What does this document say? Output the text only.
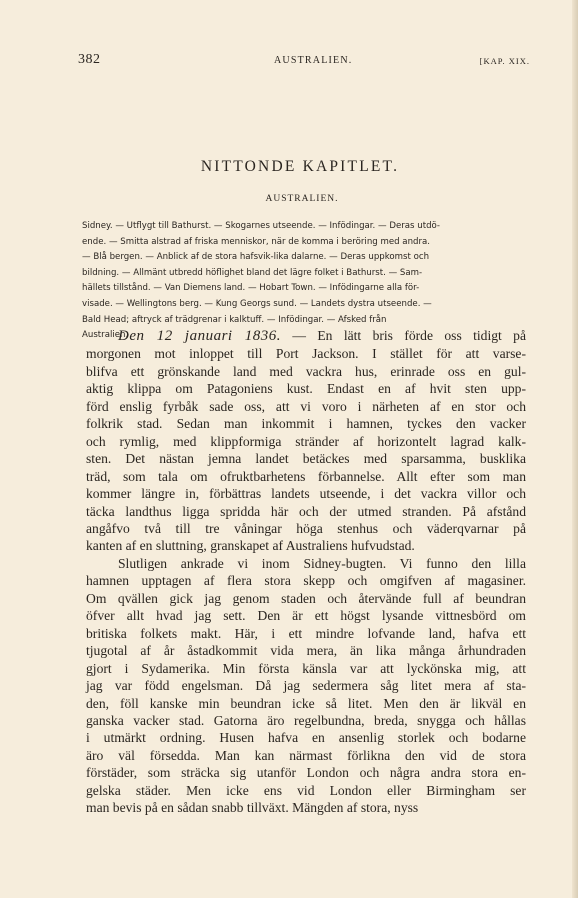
382	AUSTRALIEN.	[KAP. XIX.
NITTONDE KAPITLET.
AUSTRALIEN.

Sidney. — Utflygt till Bathurst. — Skogarnes utseende. — Infödingar. — Deras utdö-
ende. — Smitta alstrad af friska menniskor, när de komma i beröring med andra.
— Blå bergen. — Anblick af de stora hafsvik-lika dalarne. — Deras uppkomst och
bildning. — Allmänt utbredd höflighet bland det lägre folket i Bathurst. — Sam-
hällets tillstånd. — Van Diemens land. — Hobart Town. — Infödingarne alla för-
visade. — Wellingtons berg. — Kung Georgs sund. — Landets dystra utseende. —
Bald Head; aftryck af trädgrenar i kalktuff. — Infödingar. — Afsked från
Australien.

Den 12 januari 1836. — En lätt bris förde oss tidigt på
morgonen mot inloppet till Port Jackson. I stället för att varse-
blifva ett grönskande land med vackra hus, erinrade oss en gul-
aktig klippa om Patagoniens kust. Endast en af hvit sten upp-
förd enslig fyrbåk sade oss, att vi voro i närheten af en stor och
folkrik stad. Sedan man inkommit i hamnen, tyckes den vacker
och rymlig, med klippformiga stränder af horizontelt lagrad kalk-
sten. Det nästan jemna landet betäckes med sparsamma, busklika
träd, som tala om ofruktbarhetens förbannelse. Allt efter som man
kommer längre in, förbättras landets utseende, i det vackra villor och
täcka landthus ligga spridda här och der utmed stranden. På afstånd
angåfvo två till tre våningar höga stenhus och väderqvarnar på
kanten af en sluttning, granskapet af Australiens hufvudstad.

Slutligen ankrade vi inom Sidney-bugten. Vi funno den lilla
hamnen upptagen af flera stora skepp och omgifven af magasiner.
Om qvällen gick jag genom staden och återvände full af beundran
öfver allt hvad jag sett. Den är ett högst lysande vittnesbörd om
britiska folkets makt. Här, i ett mindre lofvande land, hafva ett
tjugotal af år åstadkommit vida mera, än lika många århundraden
gjort i Sydamerika. Min första känsla var att lyckönska mig, att
jag var född engelsman. Då jag sedermera såg litet mera af sta-
den, föll kanske min beundran icke så litet. Men den är likväl en
ganska vacker stad. Gatorna äro regelbundna, breda, snygga och hållas
i utmärkt ordning. Husen hafva en ansenlig storlek och bodarne
äro väl försedda. Man kan närmast förlikna den vid de stora
förstäder, som sträcka sig utanför London och några andra stora en-
gelska städer. Men icke ens vid London eller Birmingham ser
man bevis på en sådan snabb tillväxt. Mängden af stora, nyss
